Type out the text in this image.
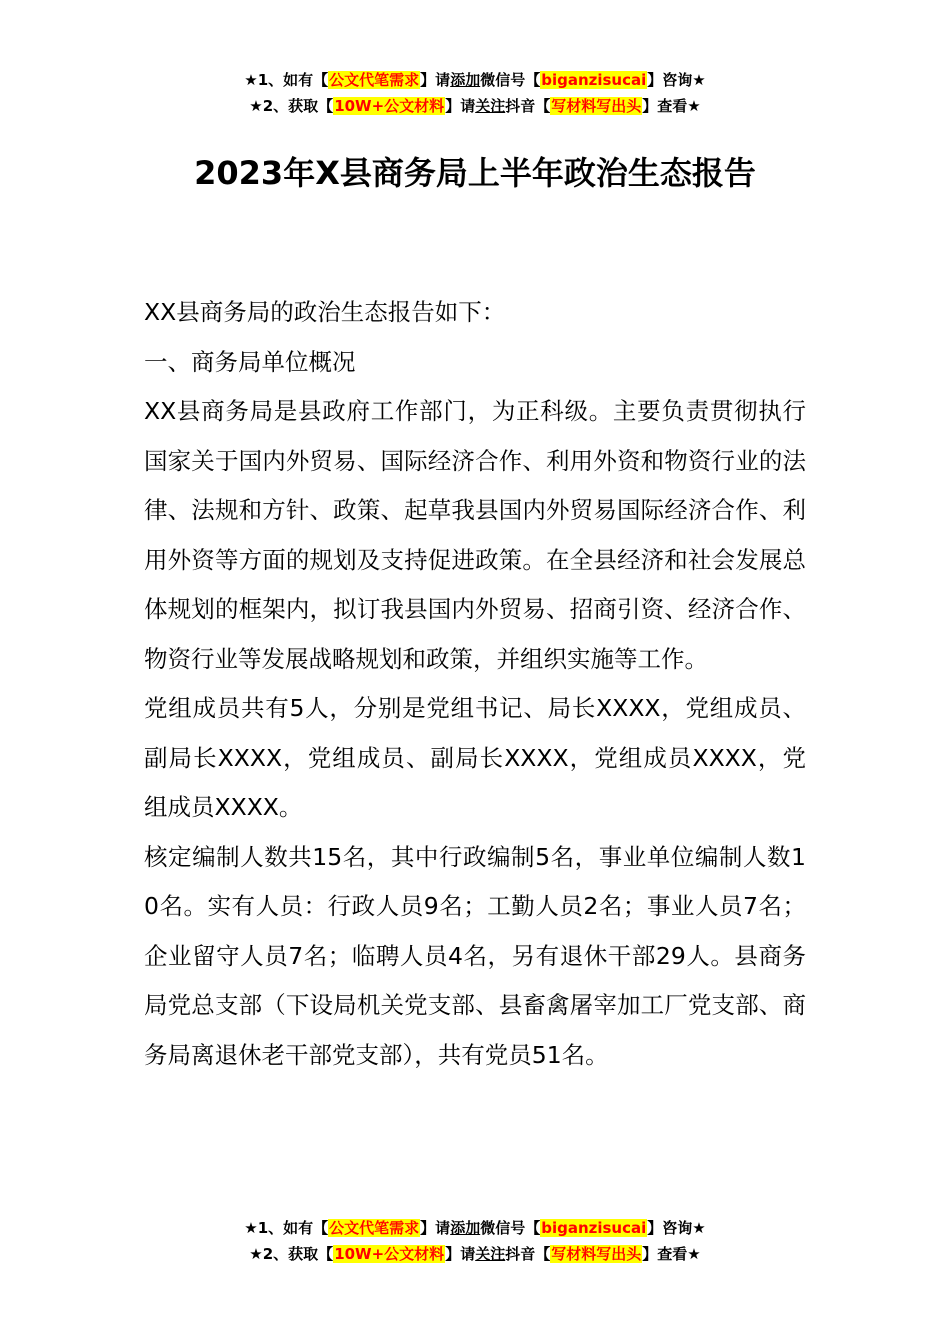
★1、如有【公文代笔需求】请添加微信号【biganzisucai】咨询★
★2、获取【10W+公文材料】请关注抖音【写材料写出头】查看★
2023年X县商务局上半年政治生态报告

XX县商务局的政治生态报告如下：

一、商务局单位概况

XX县商务局是县政府工作部门，为正科级。主要负责贯彻执行国家关于国内外贸易、国际经济合作、利用外资和物资行业的法律、法规和方针、政策、起草我县国内外贸易国际经济合作、利用外资等方面的规划及支持促进政策。在全县经济和社会发展总体规划的框架内，拟订我县国内外贸易、招商引资、经济合作、物资行业等发展战略规划和政策，并组织实施等工作。

党组成员共有5人，分别是党组书记、局长XXXX，党组成员、副局长XXXX，党组成员、副局长XXXX，党组成员XXXX，党组成员XXXX。

核定编制人数共15名，其中行政编制5名，事业单位编制人数10名。实有人员：行政人员9名；工勤人员2名；事业人员7名；企业留守人员7名；临聘人员4名，另有退休干部29人。县商务局党总支部（下设局机关党支部、县畜禽屠宰加工厂党支部、商务局离退休老干部党支部），共有党员51名。

★1、如有【公文代笔需求】请添加微信号【biganzisucai】咨询★
★2、获取【10W+公文材料】请关注抖音【写材料写出头】查看★
